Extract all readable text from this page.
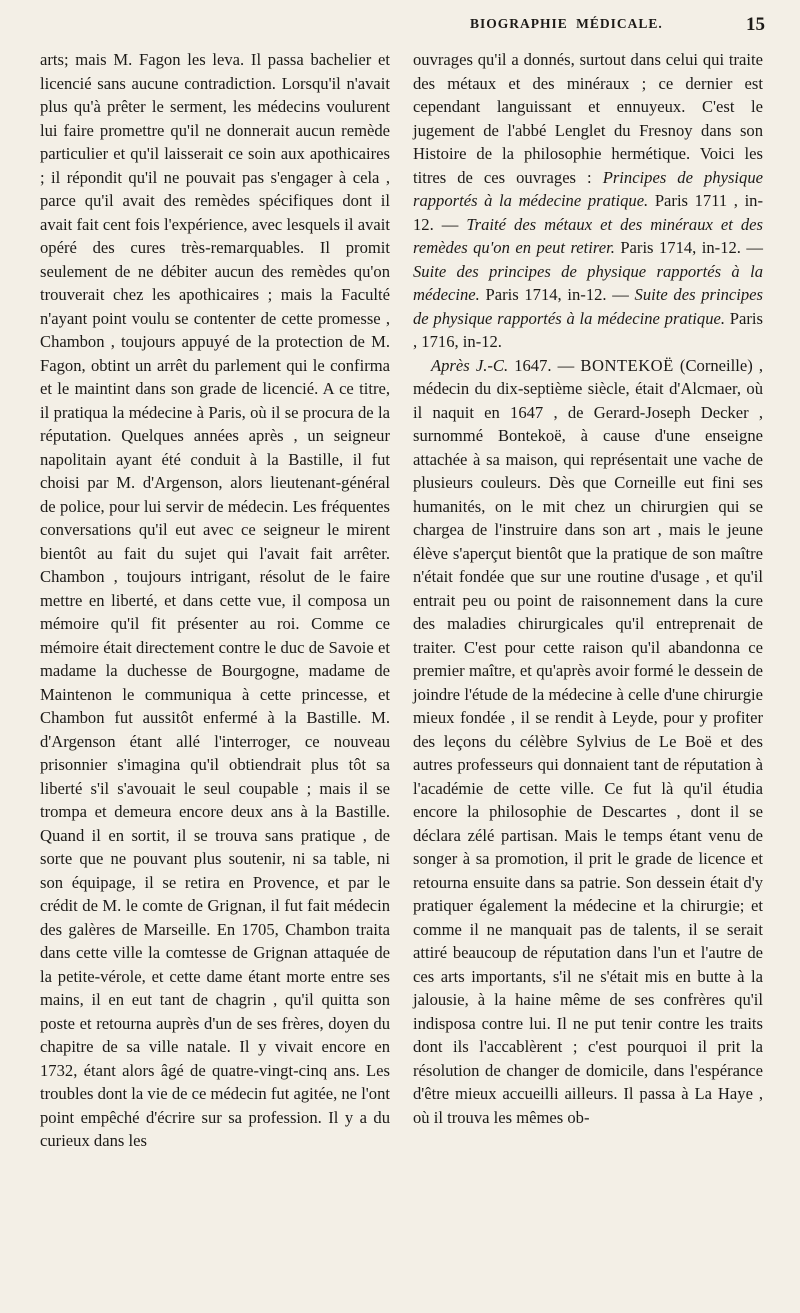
BIOGRAPHIE MÉDICALE.	15

arts; mais M. Fagon les leva. Il passa bachelier et licencié sans aucune contradiction. Lorsqu'il n'avait plus qu'à prêter le serment, les médecins voulurent lui faire promettre qu'il ne donnerait aucun remède particulier et qu'il laisserait ce soin aux apothicaires ; il répondit qu'il ne pouvait pas s'engager à cela , parce qu'il avait des remèdes spécifiques dont il avait fait cent fois l'expérience, avec lesquels il avait opéré des cures très-remarquables. Il promit seulement de ne débiter aucun des remèdes qu'on trouverait chez les apothicaires ; mais la Faculté n'ayant point voulu se contenter de cette promesse , Chambon , toujours appuyé de la protection de M. Fagon, obtint un arrêt du parlement qui le confirma et le maintint dans son grade de licencié. A ce titre, il pratiqua la médecine à Paris, où il se procura de la réputation. Quelques années après , un seigneur napolitain ayant été conduit à la Bastille, il fut choisi par M. d'Argenson, alors lieutenant-général de police, pour lui servir de médecin. Les fréquentes conversations qu'il eut avec ce seigneur le mirent bientôt au fait du sujet qui l'avait fait arrêter. Chambon , toujours intrigant, résolut de le faire mettre en liberté, et dans cette vue, il composa un mémoire qu'il fit présenter au roi. Comme ce mémoire était directement contre le duc de Savoie et madame la duchesse de Bourgogne, madame de Maintenon le communiqua à cette princesse, et Chambon fut aussitôt enfermé à la Bastille. M. d'Argenson étant allé l'interroger, ce nouveau prisonnier s'imagina qu'il obtiendrait plus tôt sa liberté s'il s'avouait le seul coupable ; mais il se trompa et demeura encore deux ans à la Bastille. Quand il en sortit, il se trouva sans pratique , de sorte que ne pouvant plus soutenir, ni sa table, ni son équipage, il se retira en Provence, et par le crédit de M. le comte de Grignan, il fut fait médecin des galères de Marseille. En 1705, Chambon traita dans cette ville la comtesse de Grignan attaquée de la petite-vérole, et cette dame étant morte entre ses mains, il en eut tant de chagrin , qu'il quitta son poste et retourna auprès d'un de ses frères, doyen du chapitre de sa ville natale. Il y vivait encore en 1732, étant alors âgé de quatre-vingt-cinq ans. Les troubles dont la vie de ce médecin fut agitée, ne l'ont point empêché d'écrire sur sa profession. Il y a du curieux dans les

ouvrages qu'il a donnés, surtout dans celui qui traite des métaux et des minéraux ; ce dernier est cependant languissant et ennuyeux. C'est le jugement de l'abbé Lenglet du Fresnoy dans son Histoire de la philosophie hermétique. Voici les titres de ces ouvrages : Principes de physique rapportés à la médecine pratique. Paris 1711 , in-12. — Traité des métaux et des minéraux et des remèdes qu'on en peut retirer. Paris 1714, in-12. — Suite des principes de physique rapportés à la médecine. Paris 1714, in-12. — Suite des principes de physique rapportés à la médecine pratique. Paris , 1716, in-12.

Après J.-C. 1647. — BONTEKOË (Corneille) , médecin du dix-septième siècle, était d'Alcmaer, où il naquit en 1647 , de Gerard-Joseph Decker , surnommé Bontekoë, à cause d'une enseigne attachée à sa maison, qui représentait une vache de plusieurs couleurs. Dès que Corneille eut fini ses humanités, on le mit chez un chirurgien qui se chargea de l'instruire dans son art , mais le jeune élève s'aperçut bientôt que la pratique de son maître n'était fondée que sur une routine d'usage , et qu'il entrait peu ou point de raisonnement dans la cure des maladies chirurgicales qu'il entreprenait de traiter. C'est pour cette raison qu'il abandonna ce premier maître, et qu'après avoir formé le dessein de joindre l'étude de la médecine à celle d'une chirurgie mieux fondée , il se rendit à Leyde, pour y profiter des leçons du célèbre Sylvius de Le Boë et des autres professeurs qui donnaient tant de réputation à l'académie de cette ville. Ce fut là qu'il étudia encore la philosophie de Descartes , dont il se déclara zélé partisan. Mais le temps étant venu de songer à sa promotion, il prit le grade de licence et retourna ensuite dans sa patrie. Son dessein était d'y pratiquer également la médecine et la chirurgie; et comme il ne manquait pas de talents, il se serait attiré beaucoup de réputation dans l'un et l'autre de ces arts importants, s'il ne s'était mis en butte à la jalousie, à la haine même de ses confrères qu'il indisposa contre lui. Il ne put tenir contre les traits dont ils l'accablèrent ; c'est pourquoi il prit la résolution de changer de domicile, dans l'espérance d'être mieux accueilli ailleurs. Il passa à La Haye , où il trouva les mêmes ob-
